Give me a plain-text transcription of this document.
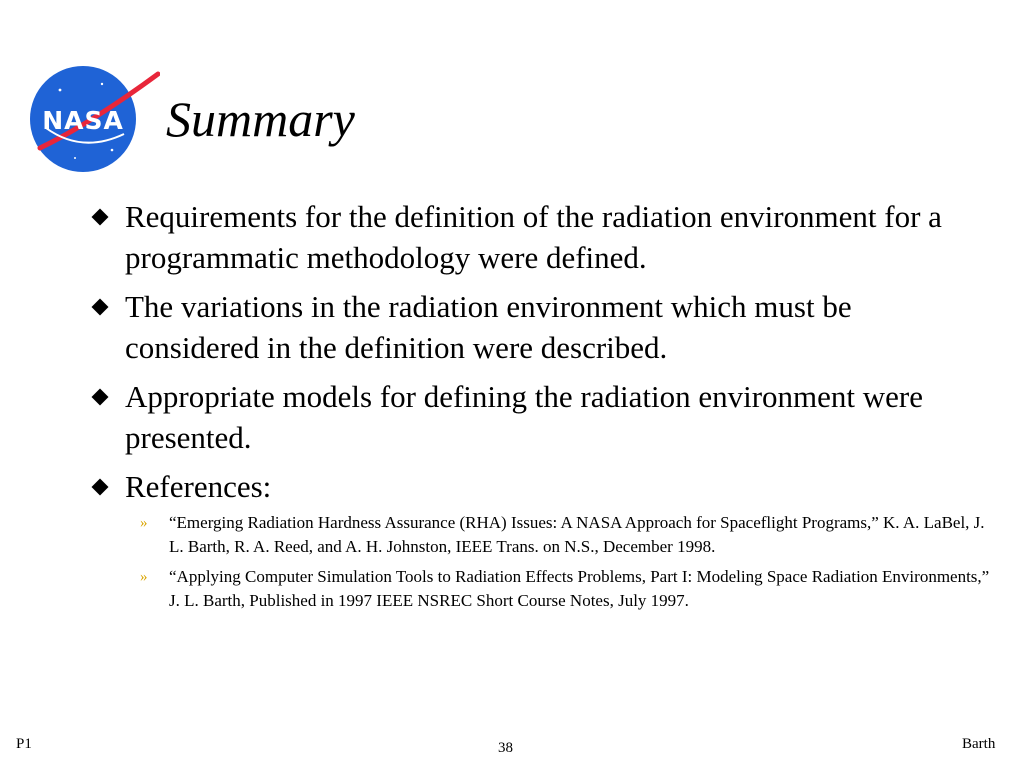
NASA Summary
Requirements for the definition of the radiation environment for a programmatic methodology were defined.
The variations in the radiation environment which must be considered in the definition were described.
Appropriate models for defining the radiation environment were presented.
References:
» “Emerging Radiation Hardness Assurance (RHA) Issues: A NASA Approach for Spaceflight Programs,” K. A. LaBel, J. L. Barth, R. A. Reed, and A. H. Johnston, IEEE Trans. on N.S., December 1998.
» “Applying Computer Simulation Tools to Radiation Effects Problems, Part I: Modeling Space Radiation Environments,” J. L. Barth, Published in 1997 IEEE NSREC Short Course Notes, July 1997.
P1	38	Barth
